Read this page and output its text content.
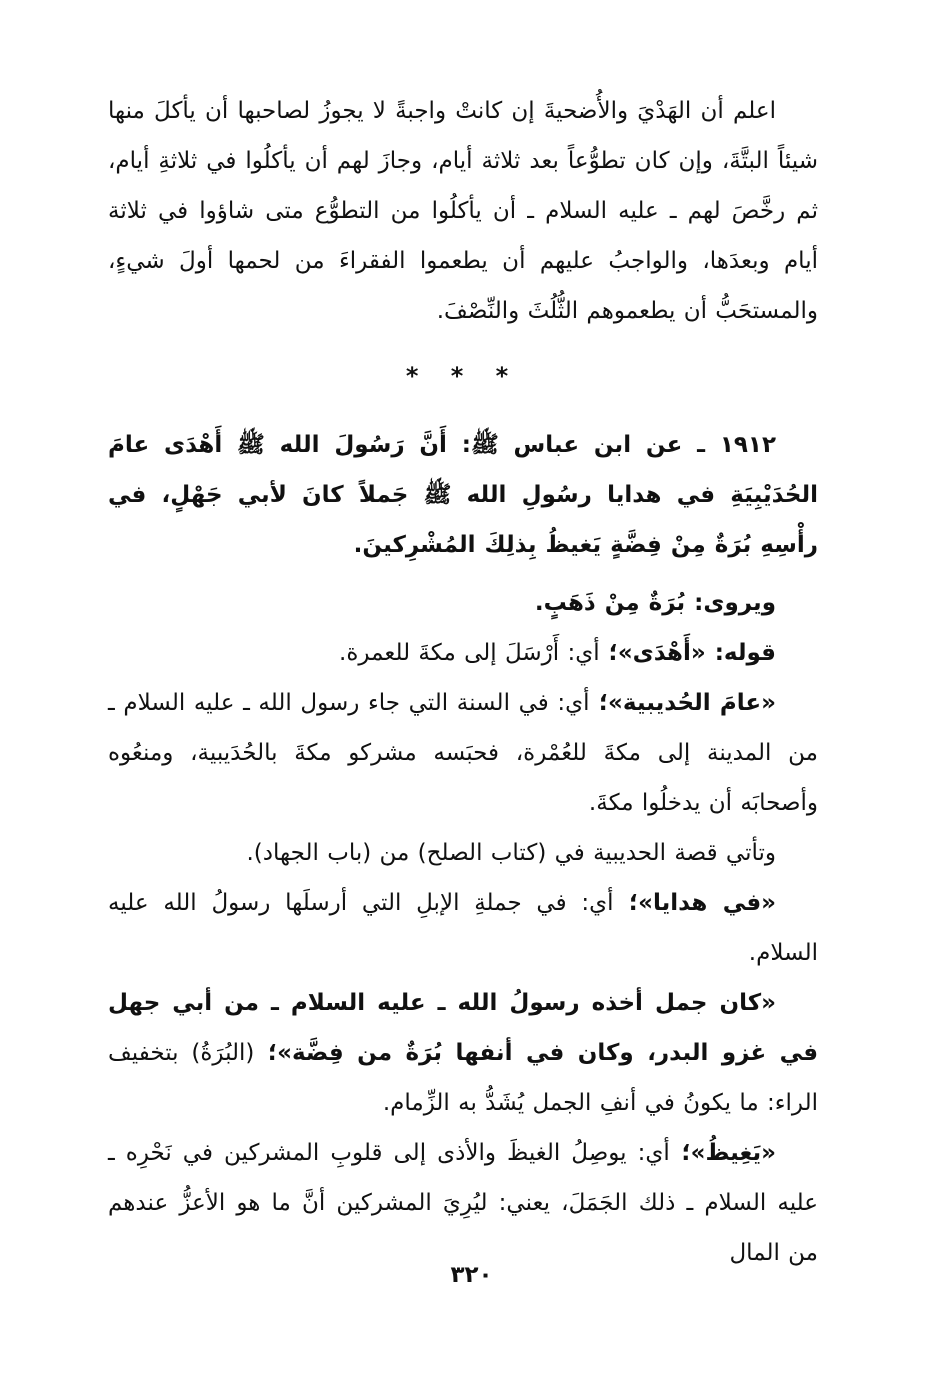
اعلم أن الهَدْيَ والأُضحيةَ إن كانتْ واجبةً لا يجوزُ لصاحبها أن يأكلَ منها شيئاً البتَّةَ، وإن كان تطوُّعاً بعد ثلاثة أيام، وجازَ لهم أن يأكلُوا في ثلاثةِ أيام، ثم رخَّصَ لهم ـ عليه السلام ـ أن يأكلُوا من التطوُّع متى شاؤوا في ثلاثة أيام وبعدَها، والواجبُ عليهم أن يطعموا الفقراءَ من لحمها أولَ شيءٍ، والمستحَبُّ أن يطعموهم الثُّلُثَ والنِّصْفَ.

* * *

١٩١٢ ـ عن ابن عباس ﷺ: أَنَّ رَسُولَ الله ﷺ أَهْدَى عامَ الحُدَيْبِيَةِ في هدايا رسُولِ الله ﷺ جَملاً كانَ لأبي جَهْلٍ، في رأْسِهِ بُرَةٌ مِنْ فِضَّةٍ يَغيظُ بِذلِكَ المُشْرِكينَ.

ويروى: بُرَةٌ مِنْ ذَهَبٍ.

قوله: «أَهْدَى»؛ أي: أَرْسَلَ إلى مكةَ للعمرة.

«عامَ الحُديبية»؛ أي: في السنة التي جاء رسول الله ـ عليه السلام ـ من المدينة إلى مكةَ للعُمْرة، فحبَسه مشركو مكةَ بالحُدَيبية، ومنعُوه وأصحابَه أن يدخلُوا مكةَ.

وتأتي قصة الحديبية في (كتاب الصلح) من (باب الجهاد).

«في هدايا»؛ أي: في جملةِ الإبلِ التي أرسلَها رسولُ الله عليه السلام.

«كان جمل أخذه رسولُ الله ـ عليه السلام ـ من أبي جهل في غزو البدر، وكان في أنفها بُرَةٌ من فِضَّة»؛ (البُرَةُ) بتخفيف الراء: ما يكونُ في أنفِ الجمل يُشَدُّ به الزِّمام.

«يَغِيظُ»؛ أي: يوصِلُ الغيظَ والأذى إلى قلوبِ المشركين في نَحْرِه ـ عليه السلام ـ ذلك الجَمَلَ، يعني: ليُرِيَ المشركين أنَّ ما هو الأعزُّ عندهم من المال

٣٢٠
